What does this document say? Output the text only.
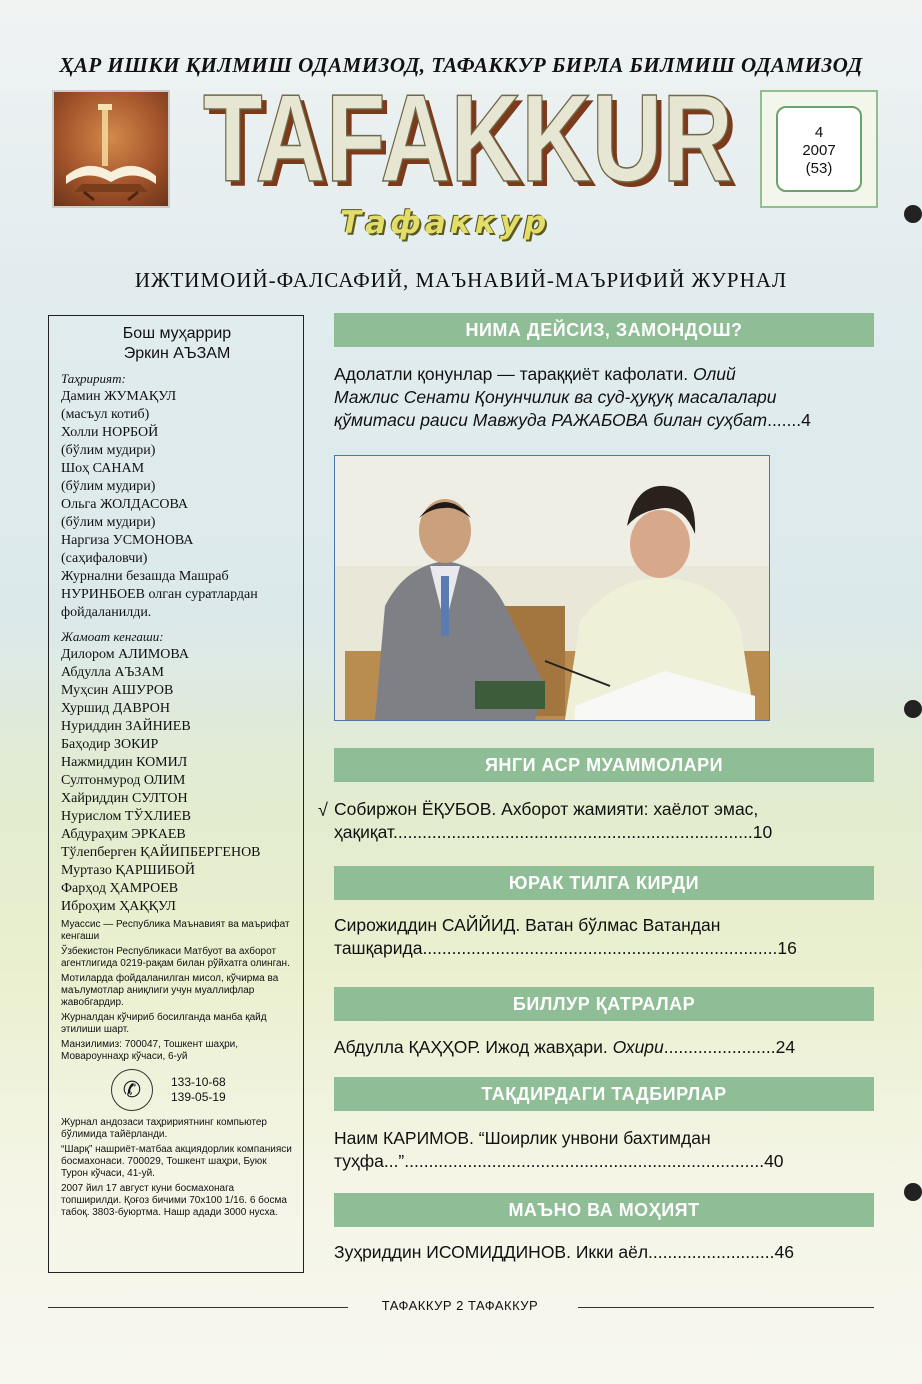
ҲАР ИШКИ ҚИЛМИШ ОДАМИЗОД, ТАФАККУР БИРЛА БИЛМИШ ОДАМИЗОД
TAFAKKUR
TAFAKKUR	4
2007
(53)
Тафаккур
ИЖТИМОИЙ-ФАЛСАФИЙ, МАЪНАВИЙ-МАЪРИФИЙ ЖУРНАЛ
Бош муҳаррир
Эркин АЪЗАМ
Таҳририят:
Дамин ЖУМАҚУЛ
(масъул котиб)
Холли НОРБОЙ
(бўлим мудири)
Шоҳ САНАМ
(бўлим мудири)
Ольга ЖОЛДАСОВА
(бўлим мудири)
Наргиза УСМОНОВА
(саҳифаловчи)
Журнални безашда Машраб НУРИНБОЕВ олган суратлардан фойдаланилди.
Жамоат кенгаши:
Дилором АЛИМОВА
Абдулла АЪЗАМ
Муҳсин АШУРОВ
Хуршид ДАВРОН
Нуриддин ЗАЙНИЕВ
Баҳодир ЗОКИР
Нажмиддин КОМИЛ
Султонмурод ОЛИМ
Хайриддин СУЛТОН
Нурислом ТЎХЛИЕВ
Абдураҳим ЭРКАЕВ
Тўлепберген ҚАЙИПБЕРГЕНОВ
Муртазо ҚАРШИБОЙ
Фарҳод ҲАМРОЕВ
Иброҳим ҲАҚҚУЛ
Муассис — Республика Маънавият ва маърифат кенгаши
Ўзбекистон Республикаси Матбуот ва ахборот агентлигида 0219-рақам билан рўйхатга олинган.
Мотиларда фойдаланилган мисол, кўчирма ва маълумотлар аниқлиги учун муаллифлар жавобгардир.
Журналдан кўчириб босилганда манба қайд этилиши шарт.
Манзилимиз: 700047, Тошкент шаҳри, Мовароуннаҳр кўчаси, 6-уй
✆	133-10-68
139-05-19
Журнал андозаси таҳририятнинг компьютер бўлимида тайёрланди.
“Шарқ” нашриёт-матбаа акциядорлик компанияси босмахонаси. 700029, Тошкент шаҳри, Буюк Турон кўчаси, 41-уй.
2007 йил 17 август куни босмахонага топширилди. Қоғоз бичими 70х100 1/16. 6 босма табоқ. 3803-буюртма. Нашр адади 3000 нусха.
НИМА ДЕЙСИЗ, ЗАМОНДОШ?
Адолатли қонунлар — тараққиёт кафолати. Олий
Мажлис Сенати Қонунчилик ва суд-ҳуқуқ масалалари
қўмитаси раиси Мавжуда РАЖАБОВА билан суҳбат.......4
ЯНГИ АСР МУАММОЛАРИ
√ Собиржон ЁҚУБОВ. Ахборот жамияти: хаёлот эмас,
ҳақиқат..........................................................................10
ЮРАК ТИЛГА КИРДИ
Сирожиддин САЙЙИД. Ватан бўлмас Ватандан
ташқарида.........................................................................16
БИЛЛУР ҚАТРАЛАР
Абдулла ҚАҲҲОР. Ижод жавҳари. Охири.......................24
ТАҚДИРДАГИ ТАДБИРЛАР
Наим КАРИМОВ. “Шоирлик унвони бахтимдан
туҳфа...”..........................................................................40
МАЪНО ВА МОҲИЯТ
Зуҳриддин ИСОМИДДИНОВ. Икки аёл..........................46
ТАФАККУР 2 ТАФАККУР
